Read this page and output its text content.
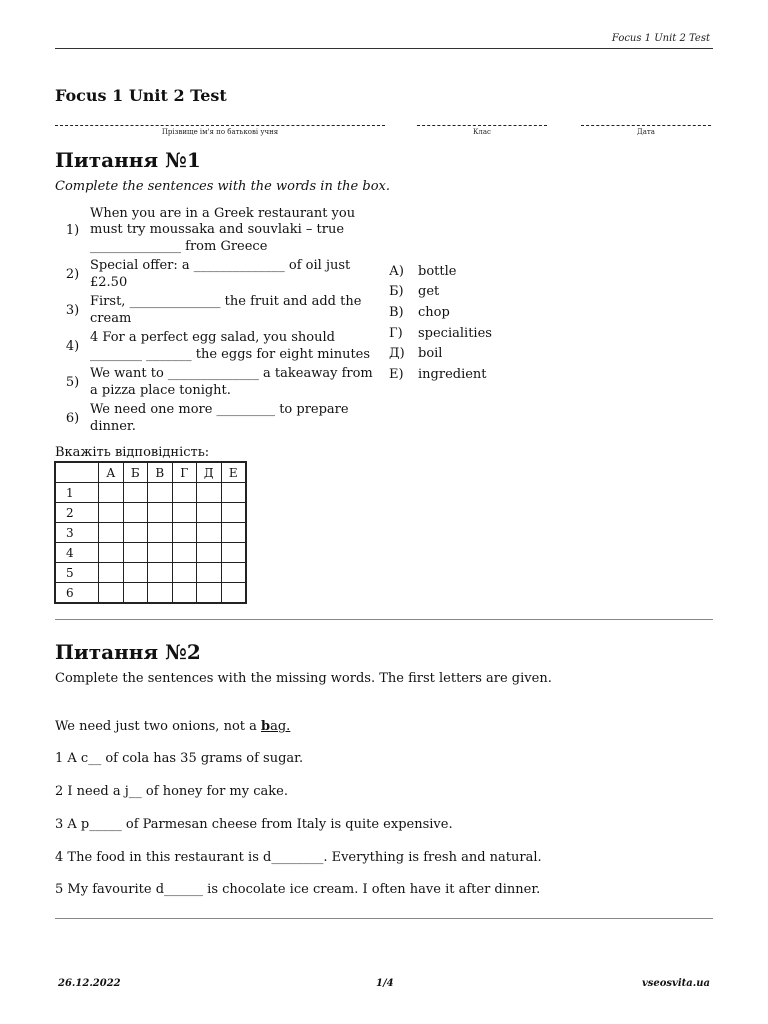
Focus 1 Unit 2 Test
Focus 1 Unit 2 Test
Прізвище ім'я по батькові учня	Клас	Дата
Питання №1
Complete the sentences with the words in the box.
1)
When you are in a Greek restaurant you must try moussaka and souvlaki – true ______________ from Greece
2)
Special offer: a ______________ of oil just £2.50
3)
First, ______________ the fruit and add the cream
4)
4 For a perfect egg salad, you should ________ _______ the eggs for eight minutes
5)
We want to ______________ a takeaway from a pizza place tonight.
6)
We need one more _________ to prepare dinner.
А)	bottle
Б)	get
В)	chop
Г)	specialities
Д)	boil
Е)	ingredient
Вкажіть відповідність:
	А	Б	В	Г	Д	Е
1						
2						
3						
4						
5						
6						
Питання №2
Complete the sentences with the missing words. The first letters are given.
We need just two onions, not a bag.
1 A c__ of cola has 35 grams of sugar.
2 I need a j__ of honey for my cake.
3 A p_____ of Parmesan cheese from Italy is quite expensive.
4 The food in this restaurant is d________. Everything is fresh and natural.
5 My favourite d______ is chocolate ice cream. I often have it after dinner.
26.12.2022	1/4	vseosvita.ua
